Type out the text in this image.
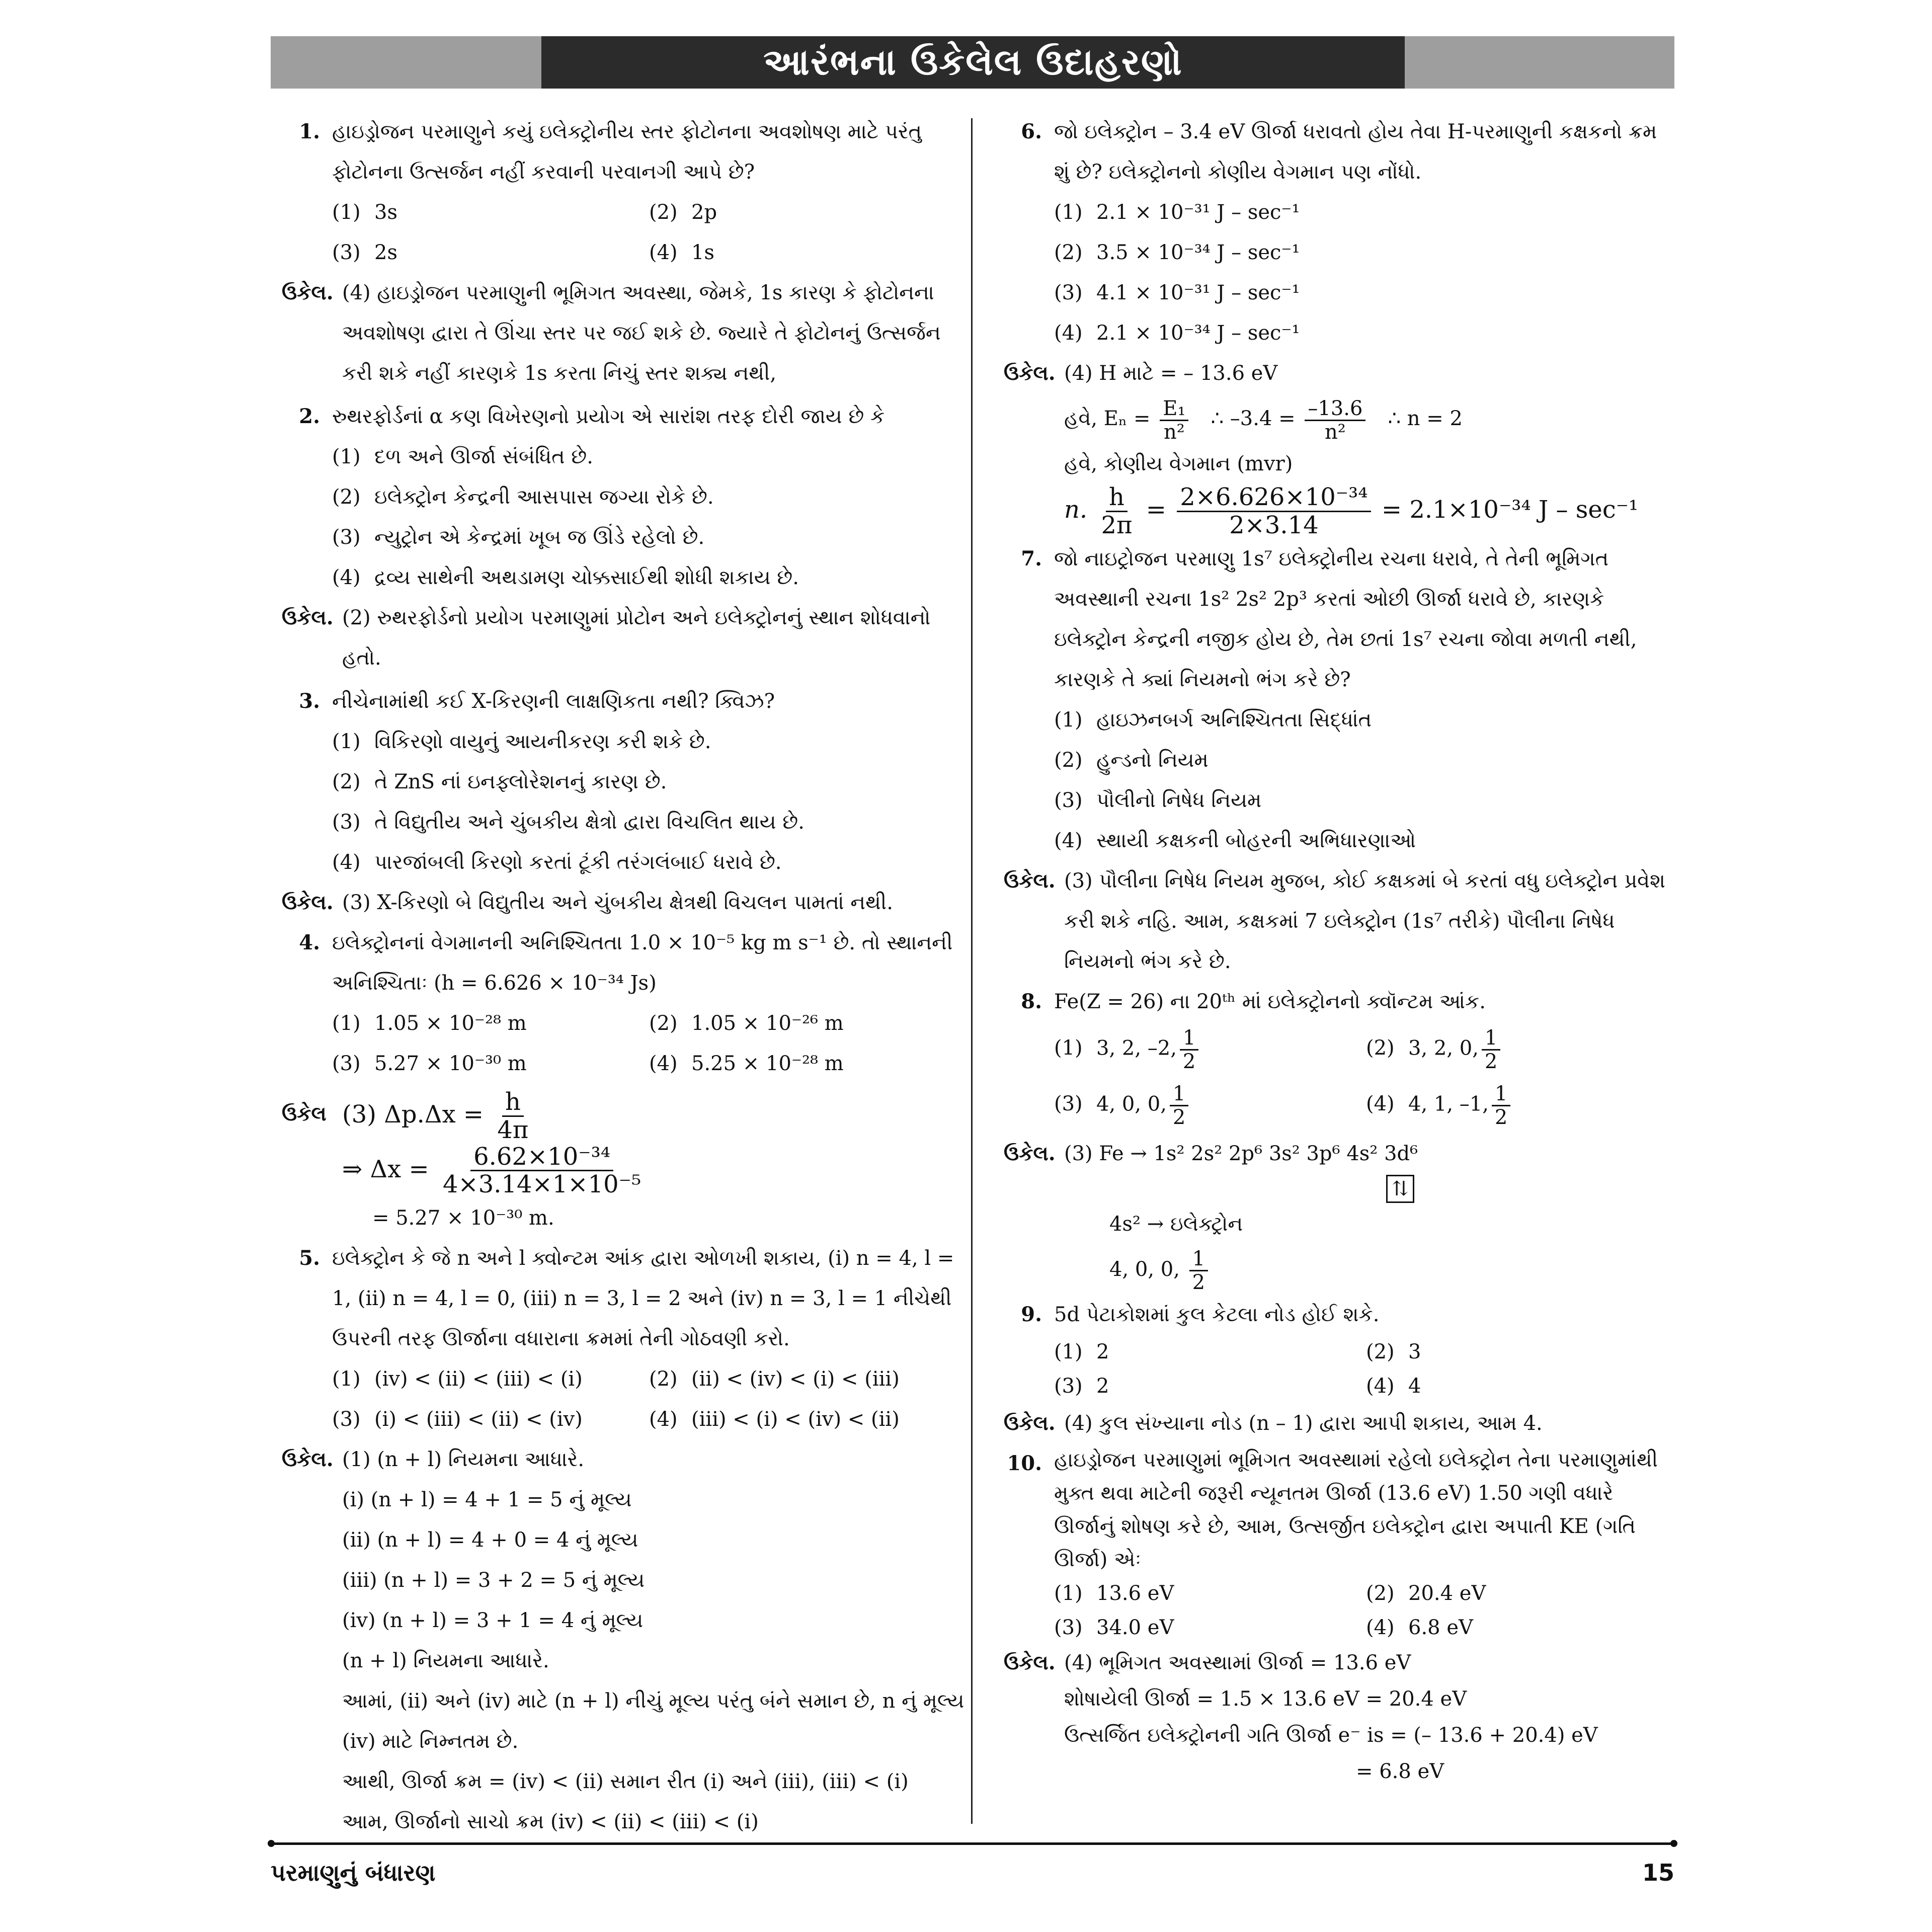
આરંભના ઉકેલેલ ઉદાહરણો
1. હાઇડ્રોજન પરમાણુને કયું ઇલેક્ટ્રોનીય સ્તર ફોટોનના અવશોષણ માટે પરંતુ ફોટોનના ઉત્સર્જન નહીં કરવાની પરવાનગી આપે છે?
(1) 3s	(2) 2p
(3) 2s	(4) 1s
ઉકેલ. (4) હાઇડ્રોજન પરમાણુની ભૂમિગત અવસ્થા, જેમકે, 1s કારણ કે ફોટોનના અવશોષણ દ્વારા તે ઊંચા સ્તર પર જઈ શકે છે. જ્યારે તે ફોટોનનું ઉત્સર્જન કરી શકે નહીં કારણકે 1s કરતા નિચું સ્તર શક્ય નથી,
2. રુથરફોર્ડનાં α કણ વિખેરણનો પ્રયોગ એ સારાંશ તરફ દોરી જાય છે કે
(1) દળ અને ઊર્જા સંબંધિત છે.
(2) ઇલેક્ટ્રોન કેન્દ્રની આસપાસ જગ્યા રોકે છે.
(3) ન્યુટ્રોન એ કેન્દ્રમાં ખૂબ જ ઊંડે રહેલો છે.
(4) દ્રવ્ય સાથેની અથડામણ ચોક્કસાઈથી શોધી શકાય છે.
ઉકેલ. (2) રુથરફોર્ડનો પ્રયોગ પરમાણુમાં પ્રોટોન અને ઇલેક્ટ્રોનનું સ્થાન શોધવાનો હતો.
3. નીચેનામાંથી કઈ X-કિરણની લાક્ષણિકતા નથી? ક્વિઝ?
(1) વિકિરણો વાયુનું આયનીકરણ કરી શકે છે.
(2) તે ZnS નાં ઇનફ્લોરેશનનું કારણ છે.
(3) તે વિદ્યુતીય અને ચુંબકીય ક્ષેત્રો દ્વારા વિચલિત થાય છે.
(4) પારજાંબલી કિરણો કરતાં ટૂંકી તરંગલંબાઈ ધરાવે છે.
ઉકેલ. (3) X-કિરણો બે વિદ્યુતીય અને ચુંબકીય ક્ષેત્રથી વિચલન પામતાં નથી.
4. ઇલેક્ટ્રોનનાં વેગમાનની અનિશ્ચિતતા 1.0 × 10⁻⁵ kg m s⁻¹ છે. તો સ્થાનની અનિશ્ચિતાઃ (h = 6.626 × 10⁻³⁴ Js)
(1) 1.05 × 10⁻²⁸ m	(2) 1.05 × 10⁻²⁶ m
(3) 5.27 × 10⁻³⁰ m	(4) 5.25 × 10⁻²⁸ m
ઉકેલ (3) $\Delta p.\Delta x = \frac{h}{4\pi}$
⇒ $\Delta x = \frac{\text{6.62×10⁻³⁴}}{\text{4×3.14×1×10⁻⁵}}$
= 5.27 × 10⁻³⁰ m.
5. ઇલેક્ટ્રોન કે જે n અને l ક્વોન્ટમ આંક દ્વારા ઓળખી શકાય, (i) n = 4, l = 1, (ii) n = 4, l = 0, (iii) n = 3, l = 2 અને (iv) n = 3, l = 1 નીચેથી ઉપરની તરફ ઊર્જાના વધારાના ક્રમમાં તેની ગોઠવણી કરો.
(1) (iv) < (ii) < (iii) < (i)	(2) (ii) < (iv) < (i) < (iii)
(3) (i) < (iii) < (ii) < (iv)	(4) (iii) < (i) < (iv) < (ii)
ઉકેલ. (1) (n + l) નિયમના આધારે.
(i) (n + l) = 4 + 1 = 5 નું મૂલ્ય
(ii) (n + l) = 4 + 0 = 4 નું મૂલ્ય
(iii) (n + l) = 3 + 2 = 5 નું મૂલ્ય
(iv) (n + l) = 3 + 1 = 4 નું મૂલ્ય
(n + l) નિયમના આધારે.
આમાં, (ii) અને (iv) માટે (n + l) નીચું મૂલ્ય પરંતુ બંને સમાન છે, n નું મૂલ્ય (iv) માટે નિમ્નતમ છે.
આથી, ઊર્જા ક્રમ = (iv) < (ii) સમાન રીત (i) અને (iii), (iii) < (i)
આમ, ઊર્જાનો સાચો ક્રમ (iv) < (ii) < (iii) < (i)
6. જો ઇલેક્ટ્રોન – 3.4 eV ઊર્જા ધરાવતો હોય તેવા H-પરમાણુની કક્ષકનો ક્રમ શું છે? ઇલેક્ટ્રોનનો કોણીય વેગમાન પણ નોંધો.
(1) 2.1 × 10⁻³¹ J – sec⁻¹
(2) 3.5 × 10⁻³⁴ J – sec⁻¹
(3) 4.1 × 10⁻³¹ J – sec⁻¹
(4) 2.1 × 10⁻³⁴ J – sec⁻¹
ઉકેલ. (4) H માટે = – 13.6 eV
હવે, $E_n = \frac{\text{E₁}}{\text{n²}}$ ∴ $-3.4 = \frac{-13.6}{\text{n²}}$ ∴ n = 2
હવે, કોણીય વેગમાન (mvr)
n. $\frac{h}{2\pi} = \frac{\text{2×6.626×10⁻³⁴}}{2\times 3.14} = 2.1\times 10^{-34}$ J – sec⁻¹
7. જો નાઇટ્રોજન પરમાણુ 1s⁷ ઇલેક્ટ્રોનીય રચના ધરાવે, તે તેની ભૂમિગત અવસ્થાની રચના 1s² 2s² 2p³ કરતાં ઓછી ઊર્જા ધરાવે છે, કારણકે ઇલેક્ટ્રોન કેન્દ્રની નજીક હોય છે, તેમ છતાં 1s⁷ રચના જોવા મળતી નથી, કારણકે તે ક્યાં નિયમનો ભંગ કરે છે?
(1) હાઇઝનબર્ગ અનિશ્ચિતતા સિદ્ધાંત
(2) હુન્ડનો નિયમ
(3) પૌલીનો નિષેધ નિયમ
(4) સ્થાયી કક્ષકની બોહરની અભિધારણાઓ
ઉકેલ. (3) પૌલીના નિષેધ નિયમ મુજબ, કોઈ કક્ષકમાં બે કરતાં વધુ ઇલેક્ટ્રોન પ્રવેશ કરી શકે નહિ. આમ, કક્ષકમાં 7 ઇલેક્ટ્રોન (1s⁷ તરીકે) પૌલીના નિષેધ નિયમનો ભંગ કરે છે.
8. Fe(Z = 26) ના 20ᵗʰ માં ઇલેક્ટ્રોનનો ક્વૉન્ટમ આંક.
(1) 3, 2, –2, $\frac{1}{2}$	(2) 3, 2, 0, $\frac{1}{2}$
(3) 4, 0, 0, $\frac{1}{2}$	(4) 4, 1, –1, $\frac{1}{2}$
ઉકેલ. (3) Fe → 1s² 2s² 2p⁶ 3s² 3p⁶ 4s² 3d⁶
⇅
4s² → ઇલેક્ટ્રોન
4, 0, 0, $\frac{1}{2}$
9. 5d પેટાકોશમાં કુલ કેટલા નોડ હોઈ શકે.
(1) 2	(2) 3
(3) 2	(4) 4
ઉકેલ. (4) કુલ સંખ્યાના નોડ (n – 1) દ્વારા આપી શકાય, આમ 4.
10. હાઇડ્રોજન પરમાણુમાં ભૂમિગત અવસ્થામાં રહેલો ઇલેક્ટ્રોન તેના પરમાણુમાંથી મુક્ત થવા માટેની જરૂરી ન્યૂનતમ ઊર્જા (13.6 eV) 1.50 ગણી વધારે ઊર્જાનું શોષણ કરે છે, આમ, ઉત્સર્જીત ઇલેક્ટ્રોન દ્વારા અપાતી KE (ગતિ ઊર્જા) એઃ
(1) 13.6 eV	(2) 20.4 eV
(3) 34.0 eV	(4) 6.8 eV
ઉકેલ. (4) ભૂમિગત અવસ્થામાં ઊર્જા = 13.6 eV
શોષાયેલી ઊર્જા = 1.5 × 13.6 eV = 20.4 eV
ઉત્સર્જિત ઇલેક્ટ્રોનની ગતિ ઊર્જા e⁻ is = (– 13.6 + 20.4) eV
= 6.8 eV
પરમાણુનું બંધારણ	15
